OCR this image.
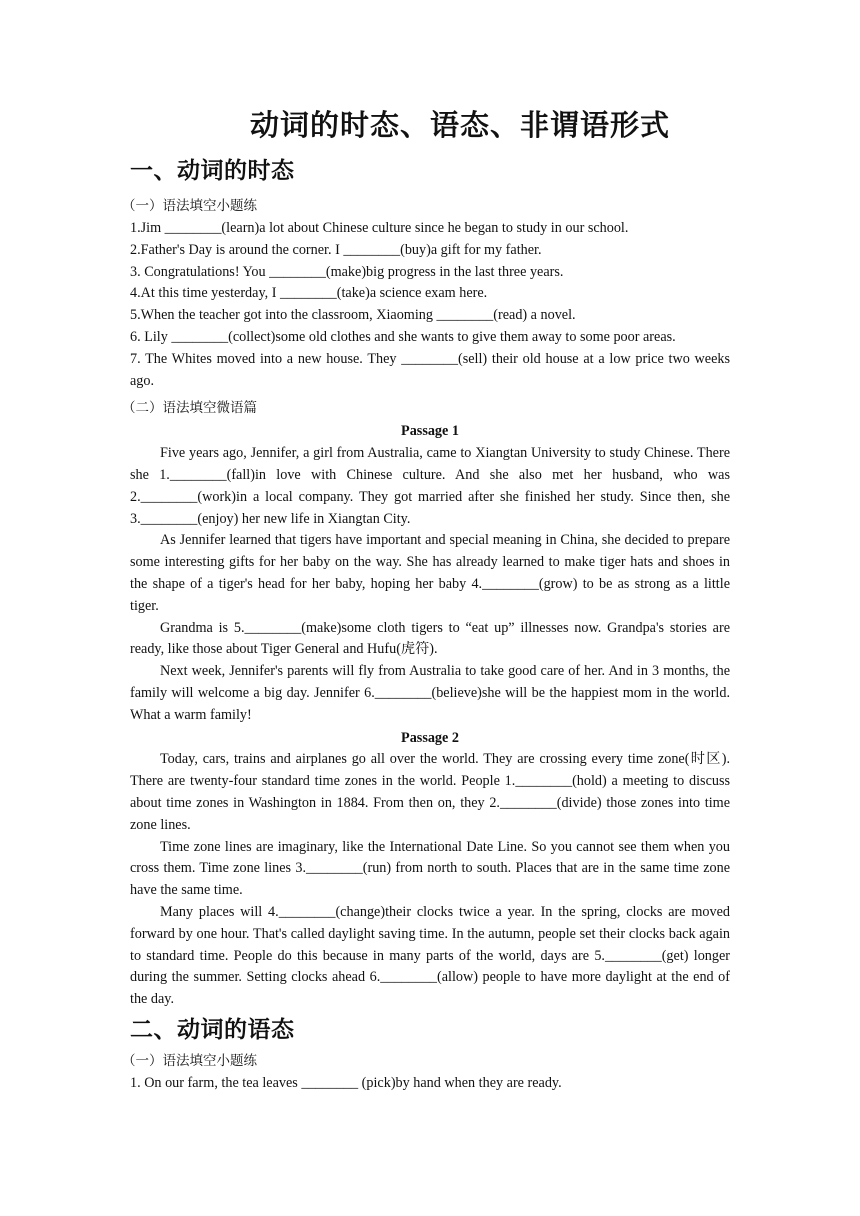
动词的时态、语态、非谓语形式
一、动词的时态
（一）语法填空小题练

1.Jim ________(learn)a lot about Chinese culture since he began to study in our school.

2.Father's Day is around the corner. I ________(buy)a gift for my father.

3. Congratulations! You ________(make)big progress in the last three years.

4.At this time yesterday, I ________(take)a science exam here.

5.When the teacher got into the classroom, Xiaoming ________(read) a novel.

6. Lily ________(collect)some old clothes and she wants to give them away to some poor areas.

7. The Whites moved into a new house. They ________(sell) their old house at a low price two weeks ago.

（二）语法填空微语篇
Passage 1

Five years ago, Jennifer, a girl from Australia, came to Xiangtan University to study Chinese. There she 1.________(fall)in love with Chinese culture. And she also met her husband, who was 2.________(work)in a local company. They got married after she finished her study. Since then, she 3.________(enjoy) her new life in Xiangtan City.

As Jennifer learned that tigers have important and special meaning in China, she decided to prepare some interesting gifts for her baby on the way. She has already learned to make tiger hats and shoes in the shape of a tiger's head for her baby, hoping her baby 4.________(grow) to be as strong as a little tiger.

Grandma is 5.________(make)some cloth tigers to “eat up” illnesses now. Grandpa's stories are ready, like those about Tiger General and Hufu(虎符).

Next week, Jennifer's parents will fly from Australia to take good care of her. And in 3 months, the family will welcome a big day. Jennifer 6.________(believe)she will be the happiest mom in the world. What a warm family!

Passage 2

Today, cars, trains and airplanes go all over the world. They are crossing every time zone(时区). There are twenty-four standard time zones in the world. People 1.________(hold) a meeting to discuss about time zones in Washington in 1884. From then on, they 2.________(divide) those zones into time zone lines.

Time zone lines are imaginary, like the International Date Line. So you cannot see them when you cross them. Time zone lines 3.________(run) from north to south. Places that are in the same time zone have the same time.

Many places will 4.________(change)their clocks twice a year. In the spring, clocks are moved forward by one hour. That's called daylight saving time. In the autumn, people set their clocks back again to standard time. People do this because in many parts of the world, days are 5.________(get) longer during the summer. Setting clocks ahead 6.________(allow) people to have more daylight at the end of the day.

二、动词的语态
（一）语法填空小题练

1. On our farm, the tea leaves ________ (pick)by hand when they are ready.
